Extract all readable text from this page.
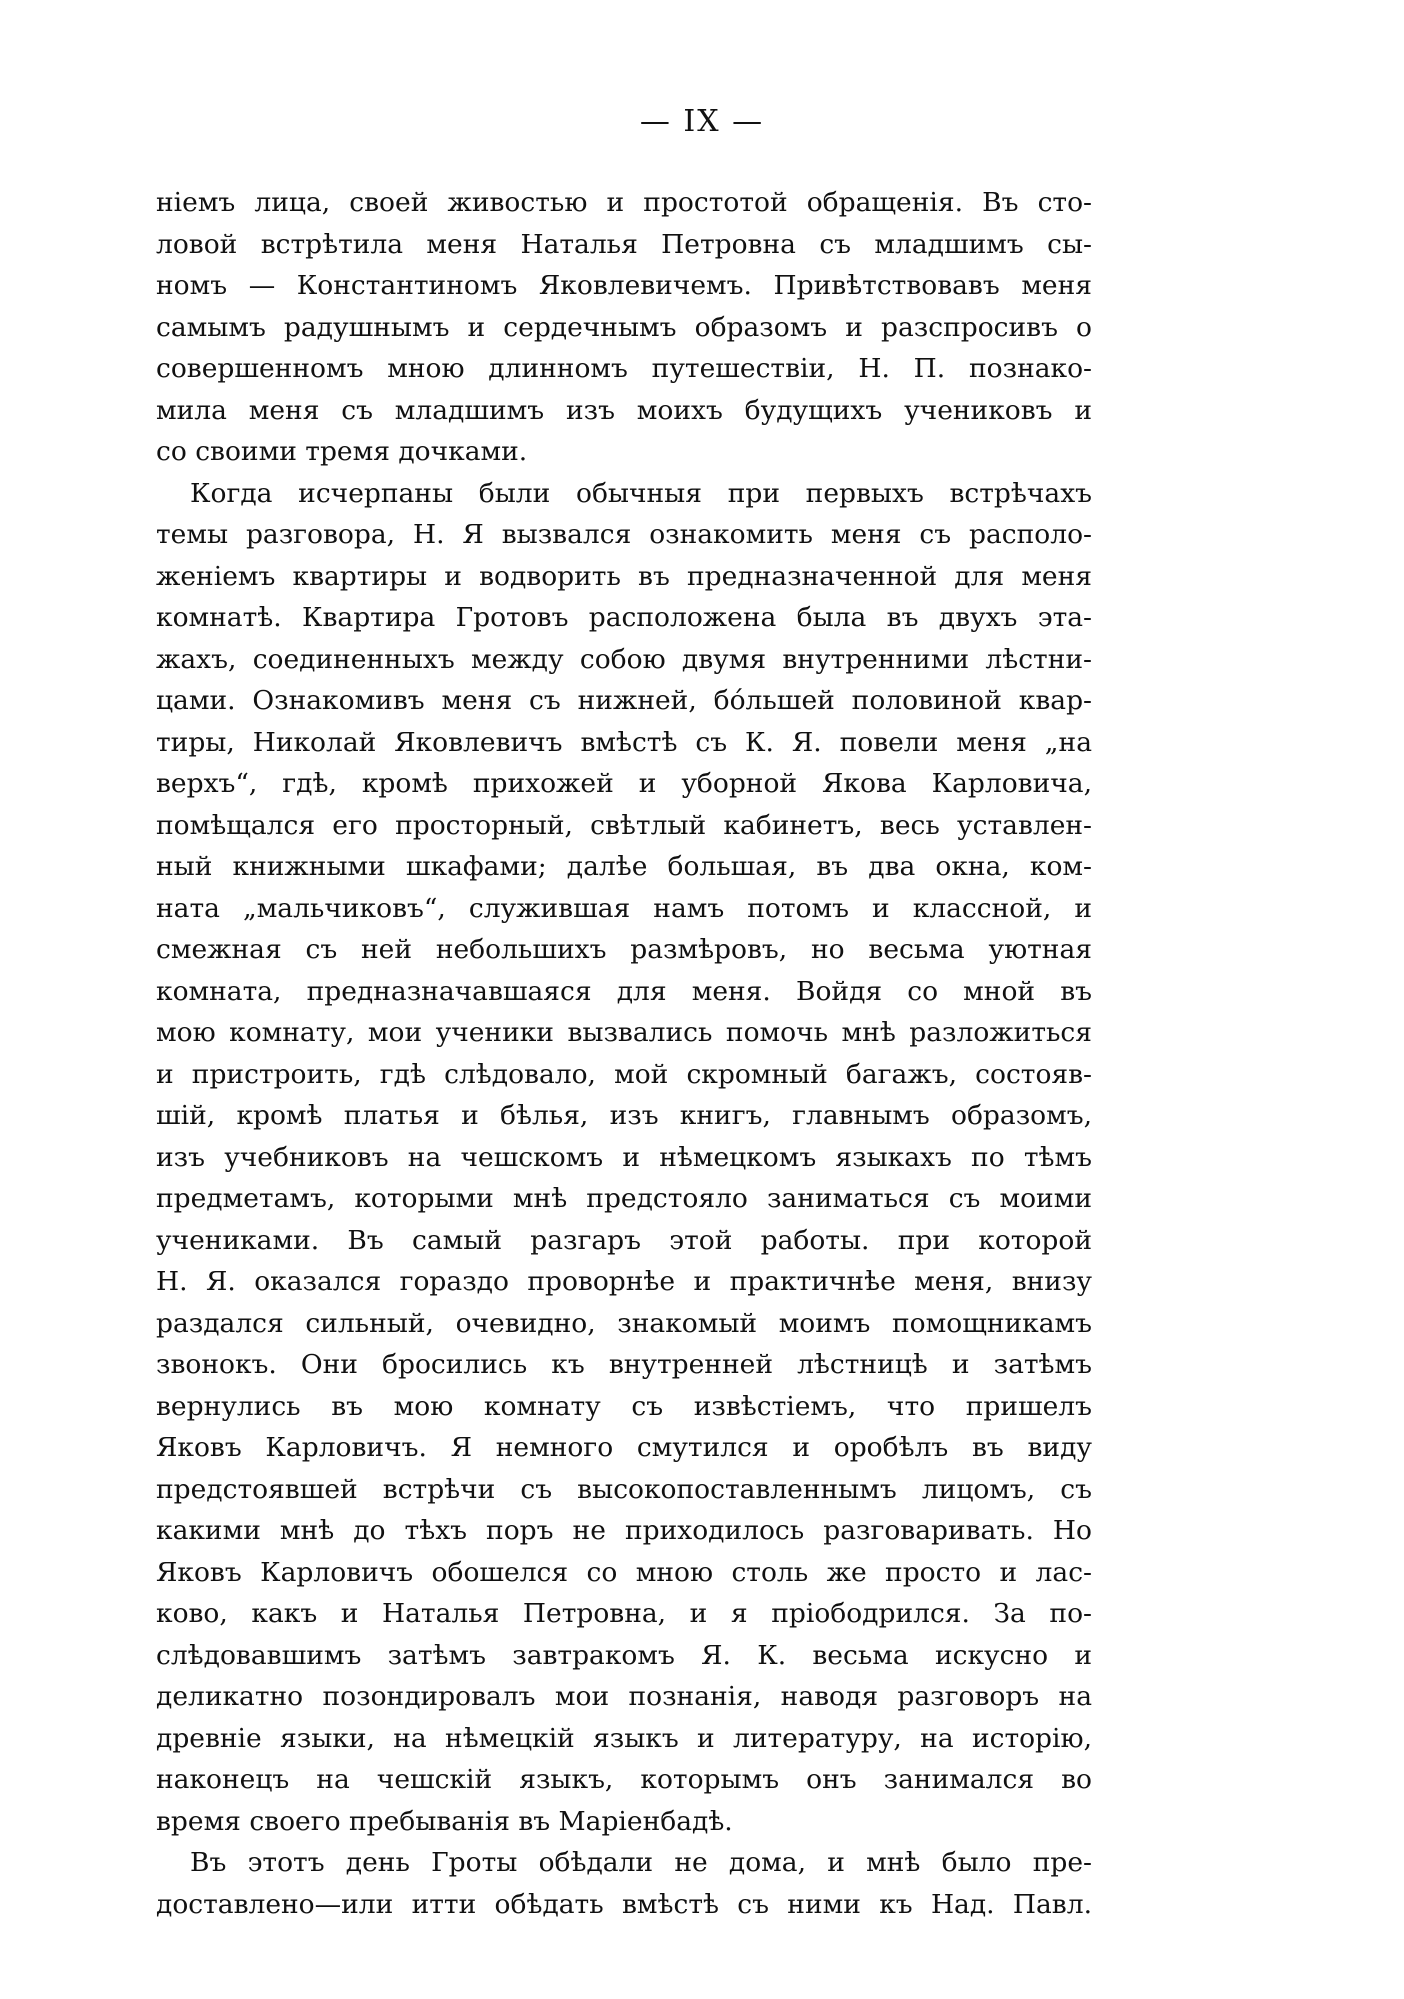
— IX —
ніемъ лица, своей живостью и простотой обращенія. Въ сто-
ловой встрѣтила меня Наталья Петровна съ младшимъ сы-
номъ — Константиномъ Яковлевичемъ. Привѣтствовавъ меня
самымъ радушнымъ и сердечнымъ образомъ и разспросивъ о
совершенномъ мною длинномъ путешествіи, Н. П. познако-
мила меня съ младшимъ изъ моихъ будущихъ учениковъ и
со своими тремя дочками.
Когда исчерпаны были обычныя при первыхъ встрѣчахъ
темы разговора, Н. Я вызвался ознакомить меня съ располо-
женіемъ квартиры и водворить въ предназначенной для меня
комнатѣ. Квартира Гротовъ расположена была въ двухъ эта-
жахъ, соединенныхъ между собою двумя внутренними лѣстни-
цами. Ознакомивъ меня съ нижней, бóльшей половиной квар-
тиры, Николай Яковлевичъ вмѣстѣ съ К. Я. повели меня „на
верхъ“, гдѣ, кромѣ прихожей и уборной Якова Карловича,
помѣщался его просторный, свѣтлый кабинетъ, весь уставлен-
ный книжными шкафами; далѣе большая, въ два окна, ком-
ната „мальчиковъ“, служившая намъ потомъ и классной, и
смежная съ ней небольшихъ размѣровъ, но весьма уютная
комната, предназначавшаяся для меня. Войдя со мной въ
мою комнату, мои ученики вызвались помочь мнѣ разложиться
и пристроить, гдѣ слѣдовало, мой скромный багажъ, состояв-
шій, кромѣ платья и бѣлья, изъ книгъ, главнымъ образомъ,
изъ учебниковъ на чешскомъ и нѣмецкомъ языкахъ по тѣмъ
предметамъ, которыми мнѣ предстояло заниматься съ моими
учениками. Въ самый разгаръ этой работы. при которой
Н. Я. оказался гораздо проворнѣе и практичнѣе меня, внизу
раздался сильный, очевидно, знакомый моимъ помощникамъ
звонокъ. Они бросились къ внутренней лѣстницѣ и затѣмъ
вернулись въ мою комнату съ извѣстіемъ, что пришелъ
Яковъ Карловичъ. Я немного смутился и оробѣлъ въ виду
предстоявшей встрѣчи съ высокопоставленнымъ лицомъ, съ
какими мнѣ до тѣхъ поръ не приходилось разговаривать. Но
Яковъ Карловичъ обошелся со мною столь же просто и лас-
ково, какъ и Наталья Петровна, и я пріободрился. За по-
слѣдовавшимъ затѣмъ завтракомъ Я. К. весьма искусно и
деликатно позондировалъ мои познанія, наводя разговоръ на
древніе языки, на нѣмецкій языкъ и литературу, на исторію,
наконецъ на чешскій языкъ, которымъ онъ занимался во
время своего пребыванія въ Маріенбадѣ.
Въ этотъ день Гроты обѣдали не дома, и мнѣ было пре-
доставлено—или итти обѣдать вмѣстѣ съ ними къ Над. Павл.
